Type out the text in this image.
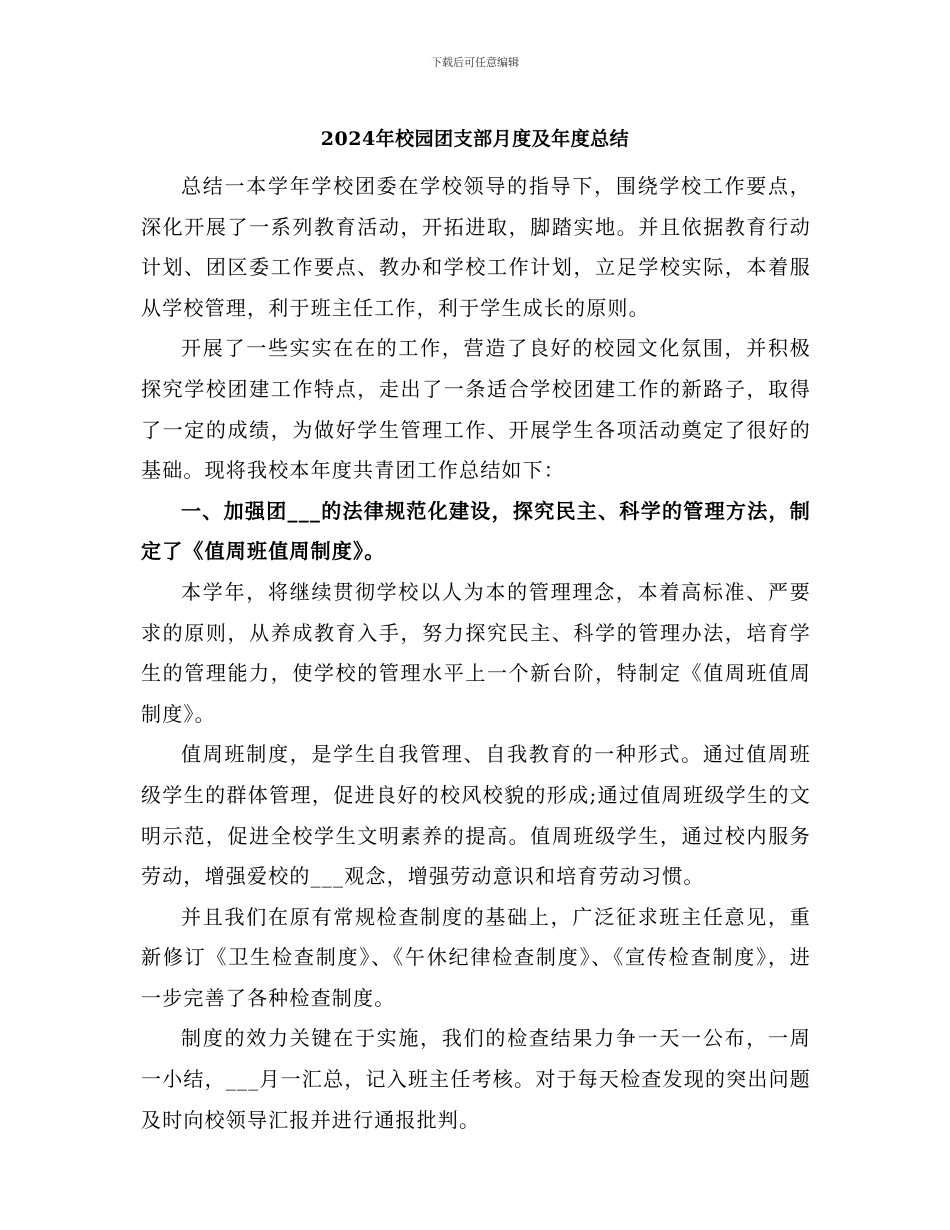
下载后可任意编辑
2024年校园团支部月度及年度总结

总结一本学年学校团委在学校领导的指导下，围绕学校工作要点，深化开展了一系列教育活动，开拓进取，脚踏实地。并且依据教育行动计划、团区委工作要点、教办和学校工作计划，立足学校实际，本着服从学校管理，利于班主任工作，利于学生成长的原则。

开展了一些实实在在的工作，营造了良好的校园文化氛围，并积极探究学校团建工作特点，走出了一条适合学校团建工作的新路子，取得了一定的成绩，为做好学生管理工作、开展学生各项活动奠定了很好的基础。现将我校本年度共青团工作总结如下：

一、加强团___的法律规范化建设，探究民主、科学的管理方法，制定了《值周班值周制度》。

本学年，将继续贯彻学校以人为本的管理理念，本着高标准、严要求的原则，从养成教育入手，努力探究民主、科学的管理办法，培育学生的管理能力，使学校的管理水平上一个新台阶，特制定《值周班值周制度》。

值周班制度，是学生自我管理、自我教育的一种形式。通过值周班级学生的群体管理，促进良好的校风校貌的形成;通过值周班级学生的文明示范，促进全校学生文明素养的提高。值周班级学生，通过校内服务劳动，增强爱校的___观念，增强劳动意识和培育劳动习惯。

并且我们在原有常规检查制度的基础上，广泛征求班主任意见，重新修订《卫生检查制度》、《午休纪律检查制度》、《宣传检查制度》，进一步完善了各种检查制度。

制度的效力关键在于实施，我们的检查结果力争一天一公布，一周一小结，___月一汇总，记入班主任考核。对于每天检查发现的突出问题及时向校领导汇报并进行通报批判。
